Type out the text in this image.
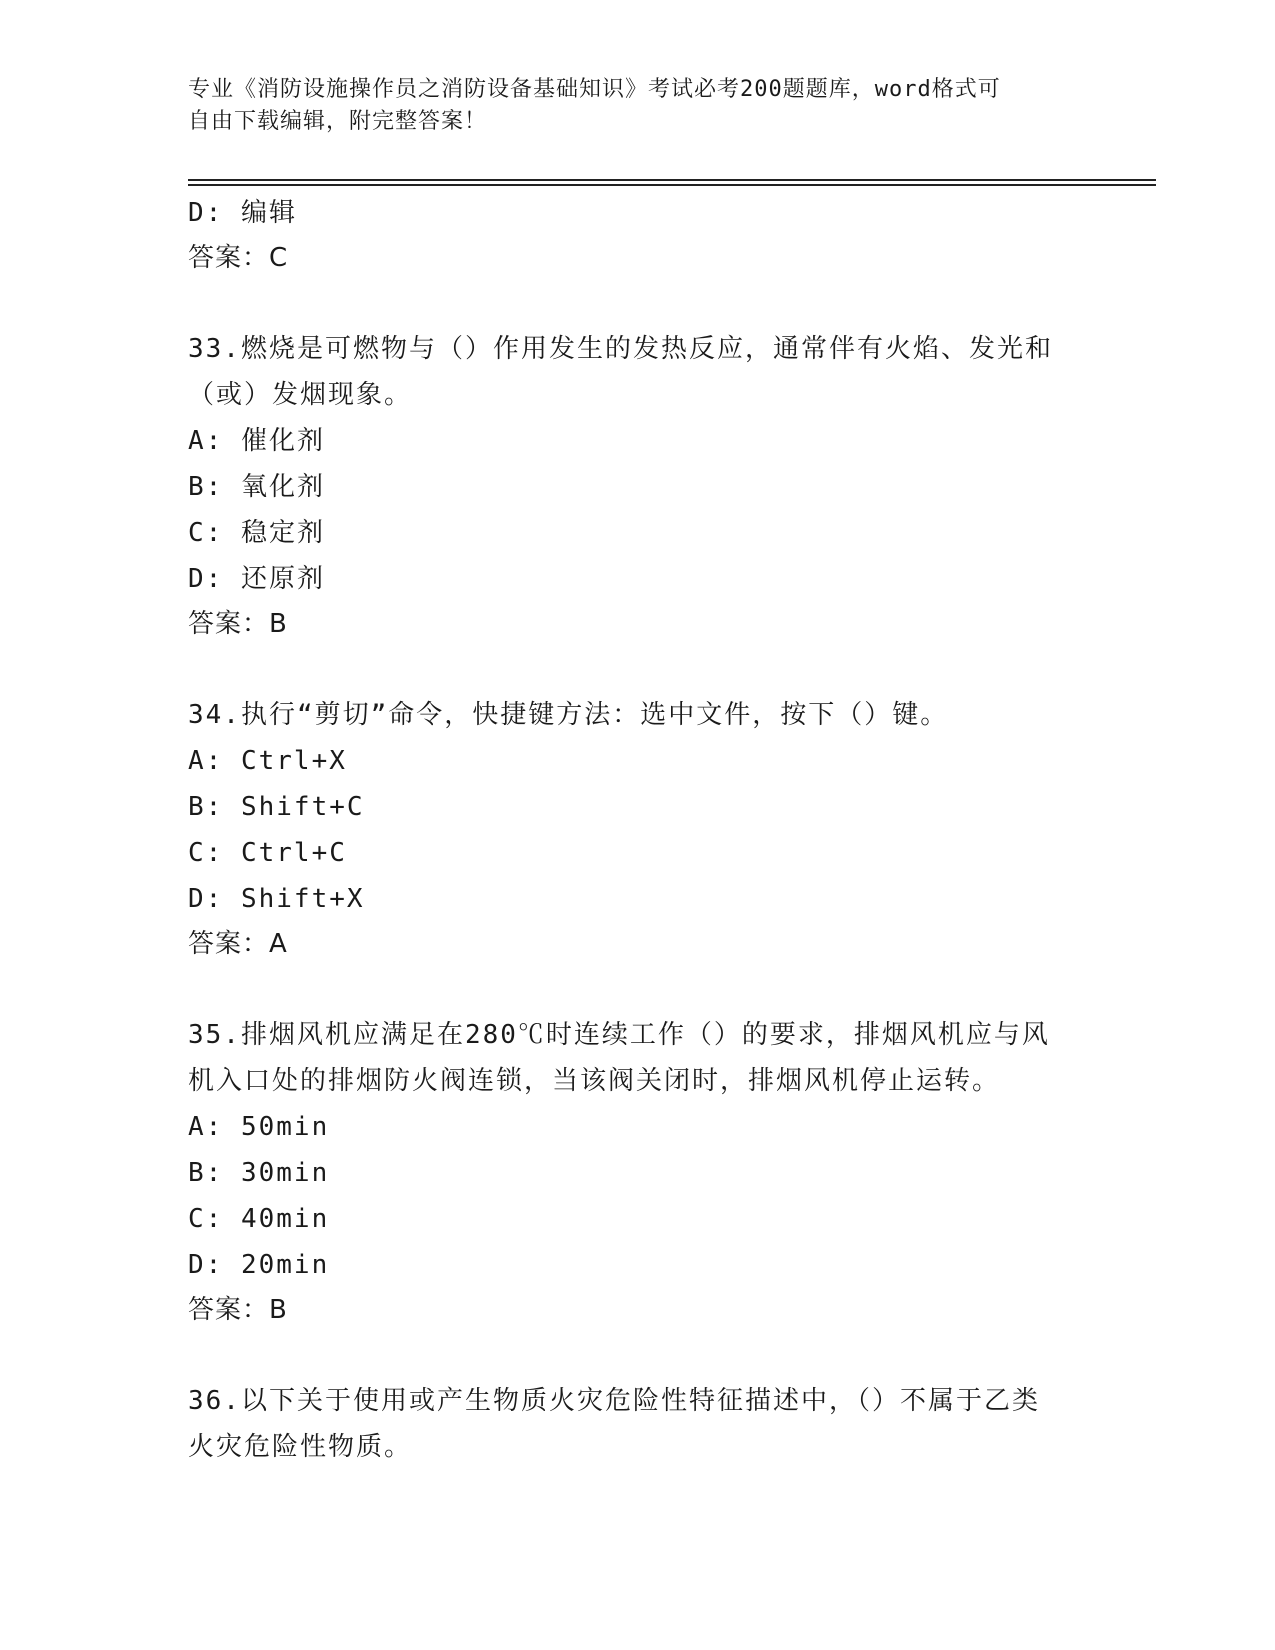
专业《消防设施操作员之消防设备基础知识》考试必考200题题库，word格式可

自由下载编辑，附完整答案！

D: 编辑
答案：C
33.燃烧是可燃物与（）作用发生的发热反应，通常伴有火焰、发光和
（或）发烟现象。
A: 催化剂
B: 氧化剂
C: 稳定剂
D: 还原剂
答案：B
34.执行“剪切”命令，快捷键方法：选中文件，按下（）键。
A: Ctrl+X
B: Shift+C
C: Ctrl+C
D: Shift+X
答案：A
35.排烟风机应满足在280℃时连续工作（）的要求，排烟风机应与风
机入口处的排烟防火阀连锁，当该阀关闭时，排烟风机停止运转。
A: 50min
B: 30min
C: 40min
D: 20min
答案：B
36.以下关于使用或产生物质火灾危险性特征描述中，（）不属于乙类
火灾危险性物质。
